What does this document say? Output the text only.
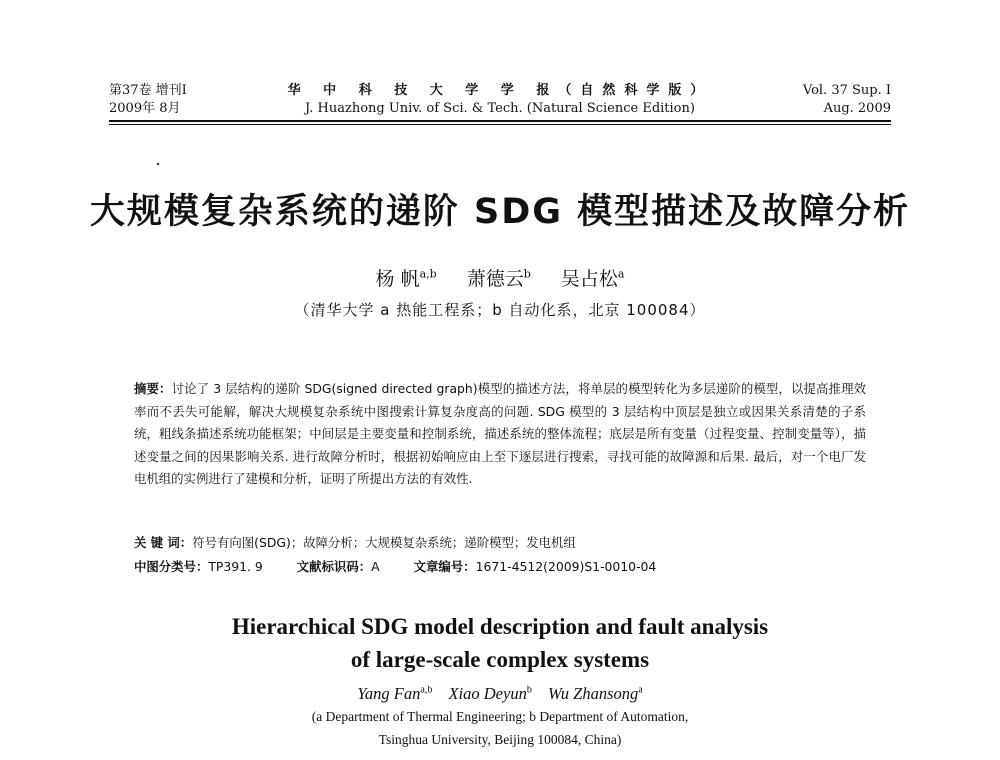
第37卷 增刊Ⅰ
2009年 8月
华 中 科 技 大 学 学 报（自然科学版）
J. Huazhong Univ. of Sci. & Tech. (Natural Science Edition)
Vol. 37 Sup. Ⅰ
Aug. 2009
大规模复杂系统的递阶 SDG 模型描述及故障分析
杨 帆$^{a,b}$ 萧德云$^b$ 吴占松$^a$
（清华大学 a 热能工程系；b 自动化系，北京 100084）
摘要：讨论了 3 层结构的递阶 SDG(signed directed graph)模型的描述方法，将单层的模型转化为多层递阶的模型，以提高推理效率而不丢失可能解，解决大规模复杂系统中图搜索计算复杂度高的问题. SDG 模型的 3 层结构中顶层是独立或因果关系清楚的子系统，粗线条描述系统功能框架；中间层是主要变量和控制系统，描述系统的整体流程；底层是所有变量（过程变量、控制变量等），描述变量之间的因果影响关系. 进行故障分析时，根据初始响应由上至下逐层进行搜索，寻找可能的故障源和后果. 最后，对一个电厂发电机组的实例进行了建模和分析，证明了所提出方法的有效性.
关 键 词：符号有向图(SDG)；故障分析；大规模复杂系统；递阶模型；发电机组
中图分类号：TP391. 9	文献标识码：A	文章编号：1671-4512(2009)S1-0010-04
Hierarchical SDG model description and fault analysis
of large-scale complex systems
Yang Fan$^{a,b}$ Xiao Deyun$^b$ Wu Zhansong$^a$
(a Department of Thermal Engineering; b Department of Automation,
Tsinghua University, Beijing 100084, China)
